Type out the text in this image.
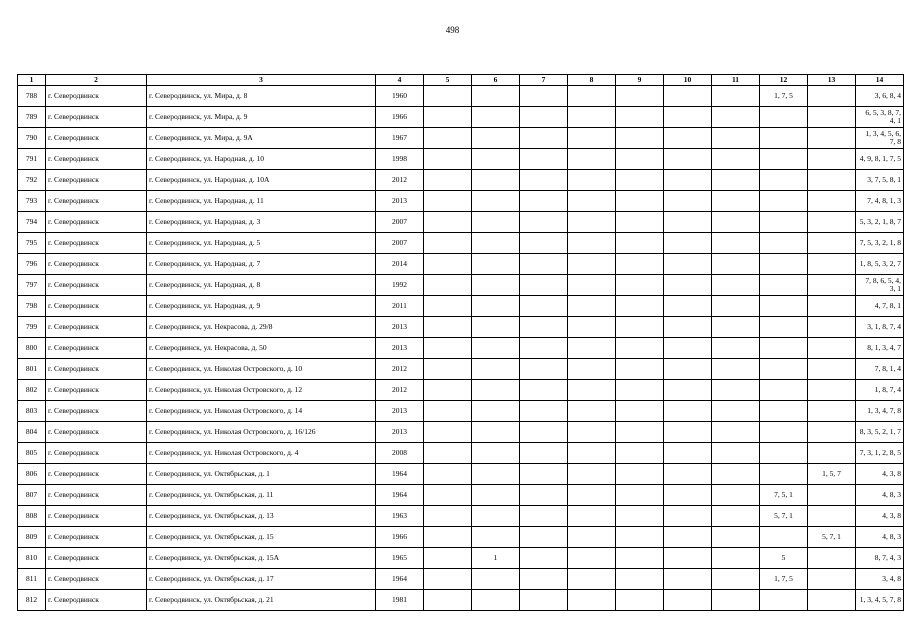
498
1	2	3	4	5	6	7	8	9	10	11	12	13	14
788	г. Северодвинск	г. Северодвинск, ул. Мира, д. 8	1960								1, 7, 5		3, 6, 8, 4
789	г. Северодвинск	г. Северодвинск, ул. Мира, д. 9	1966										6, 5, 3, 8, 7, 4, 1
790	г. Северодвинск	г. Северодвинск, ул. Мира, д. 9А	1967										1, 3, 4, 5, 6, 7, 8
791	г. Северодвинск	г. Северодвинск, ул. Народная, д. 10	1998										4, 9, 8, 1, 7, 5
792	г. Северодвинск	г. Северодвинск, ул. Народная, д. 10А	2012										3, 7, 5, 8, 1
793	г. Северодвинск	г. Северодвинск, ул. Народная, д. 11	2013										7, 4, 8, 1, 3
794	г. Северодвинск	г. Северодвинск, ул. Народная, д. 3	2007										5, 3, 2, 1, 8, 7
795	г. Северодвинск	г. Северодвинск, ул. Народная, д. 5	2007										7, 5, 3, 2, 1, 8
796	г. Северодвинск	г. Северодвинск, ул. Народная, д. 7	2014										1, 8, 5, 3, 2, 7
797	г. Северодвинск	г. Северодвинск, ул. Народная, д. 8	1992										7, 8, 6, 5, 4, 3, 1
798	г. Северодвинск	г. Северодвинск, ул. Народная, д. 9	2011										4, 7, 8, 1
799	г. Северодвинск	г. Северодвинск, ул. Некрасова, д. 29/8	2013										3, 1, 8, 7, 4
800	г. Северодвинск	г. Северодвинск, ул. Некрасова, д. 50	2013										8, 1, 3, 4, 7
801	г. Северодвинск	г. Северодвинск, ул. Николая Островского, д. 10	2012										7, 8, 1, 4
802	г. Северодвинск	г. Северодвинск, ул. Николая Островского, д. 12	2012										1, 8, 7, 4
803	г. Северодвинск	г. Северодвинск, ул. Николая Островского, д. 14	2013										1, 3, 4, 7, 8
804	г. Северодвинск	г. Северодвинск, ул. Николая Островского, д. 16/126	2013										8, 3, 5, 2, 1, 7
805	г. Северодвинск	г. Северодвинск, ул. Николая Островского, д. 4	2008										7, 3, 1, 2, 8, 5
806	г. Северодвинск	г. Северодвинск, ул. Октябрьская, д. 1	1964									1, 5, 7	4, 3, 8
807	г. Северодвинск	г. Северодвинск, ул. Октябрьская, д. 11	1964								7, 5, 1		4, 8, 3
808	г. Северодвинск	г. Северодвинск, ул. Октябрьская, д. 13	1963								5, 7, 1		4, 3, 8
809	г. Северодвинск	г. Северодвинск, ул. Октябрьская, д. 15	1966									5, 7, 1	4, 8, 3
810	г. Северодвинск	г. Северодвинск, ул. Октябрьская, д. 15А	1965		1						5		8, 7, 4, 3
811	г. Северодвинск	г. Северодвинск, ул. Октябрьская, д. 17	1964								1, 7, 5		3, 4, 8
812	г. Северодвинск	г. Северодвинск, ул. Октябрьская, д. 21	1981										1, 3, 4, 5, 7, 8
